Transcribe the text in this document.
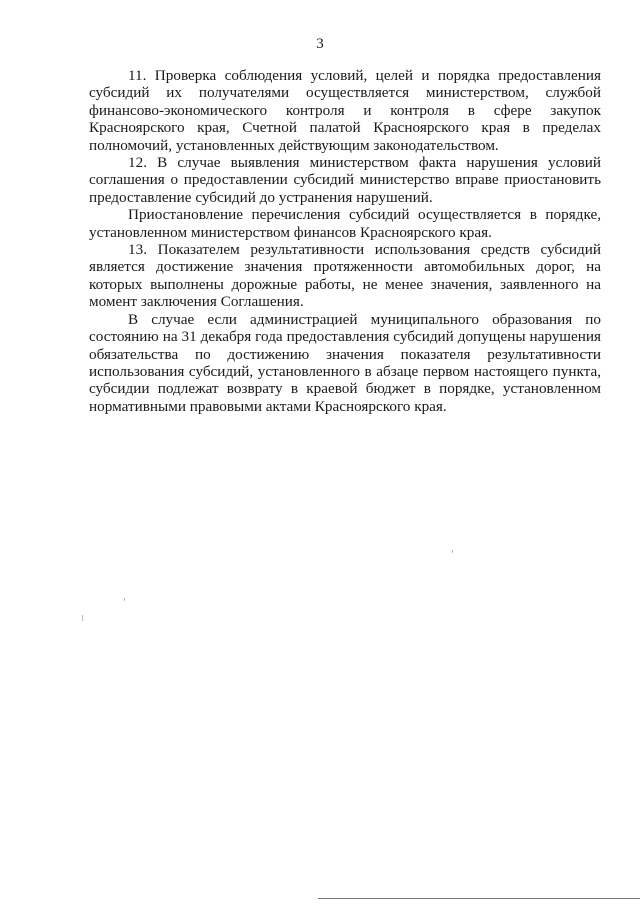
3

11. Проверка соблюдения условий, целей и порядка предоставления субсидий их получателями осуществляется министерством, службой финансово-экономического контроля и контроля в сфере закупок Красноярского края, Счетной палатой Красноярского края в пределах полномочий, установленных действующим законодательством.

12. В случае выявления министерством факта нарушения условий соглашения о предоставлении субсидий министерство вправе приостановить предоставление субсидий до устранения нарушений.

Приостановление перечисления субсидий осуществляется в порядке, установленном министерством финансов Красноярского края.

13. Показателем результативности использования средств субсидий является достижение значения протяженности автомобильных дорог, на которых выполнены дорожные работы, не менее значения, заявленного на момент заключения Соглашения.

В случае если администрацией муниципального образования по состоянию на 31 декабря года предоставления субсидий допущены нарушения обязательства по достижению значения показателя результативности использования субсидий, установленного в абзаце первом настоящего пункта, субсидии подлежат возврату в краевой бюджет в порядке, установленном нормативными правовыми актами Красноярского края.
